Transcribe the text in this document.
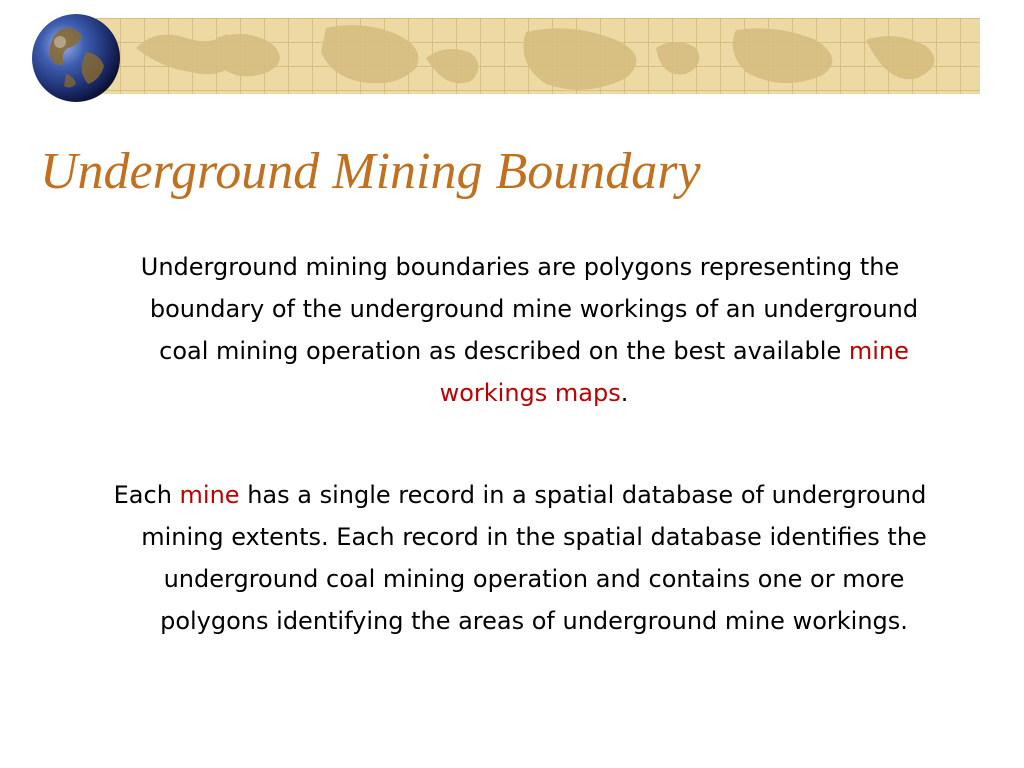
Underground Mining Boundary

Underground mining boundaries are polygons representing the boundary of the underground mine workings of an underground coal mining operation as described on the best available mine workings maps.

Each mine has a single record in a spatial database of underground mining extents. Each record in the spatial database identifies the underground coal mining operation and contains one or more polygons identifying the areas of underground mine workings.
